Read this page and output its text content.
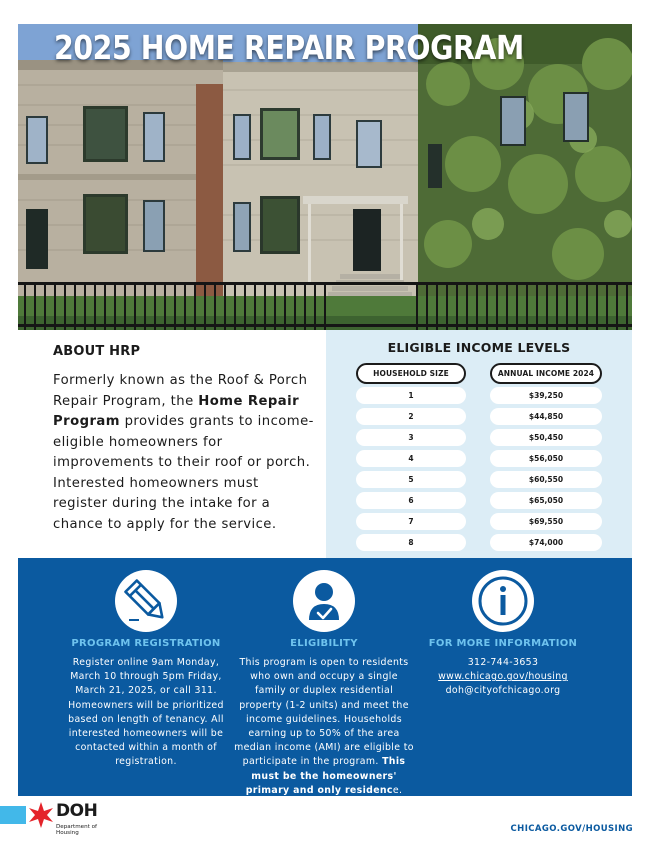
2025 HOME REPAIR PROGRAM
ABOUT HRP
Formerly known as the Roof & Porch Repair Program, the Home Repair Program provides grants to income-eligible homeowners for improvements to their roof or porch. Interested homeowners must register during the intake for a chance to apply for the service.
ELIGIBLE INCOME LEVELS
HOUSEHOLD SIZE	ANNUAL INCOME 2024
1	$39,250
2	$44,850
3	$50,450
4	$56,050
5	$60,550
6	$65,050
7	$69,550
8	$74,000
PROGRAM REGISTRATION
Register online 9am Monday, March 10 through 5pm Friday, March 21, 2025, or call 311. Homeowners will be prioritized based on length of tenancy. All interested homeowners will be contacted within a month of registration.
ELIGIBILITY
This program is open to residents who own and occupy a single family or duplex residential property (1-2 units) and meet the income guidelines. Households earning up to 50% of the area median income (AMI) are eligible to participate in the program. This must be the homeowners' primary and only residence.
FOR MORE INFORMATION
312-744-3653
www.chicago.gov/housing
doh@cityofchicago.org
DOH
Department of
Housing	CHICAGO.GOV/HOUSING
